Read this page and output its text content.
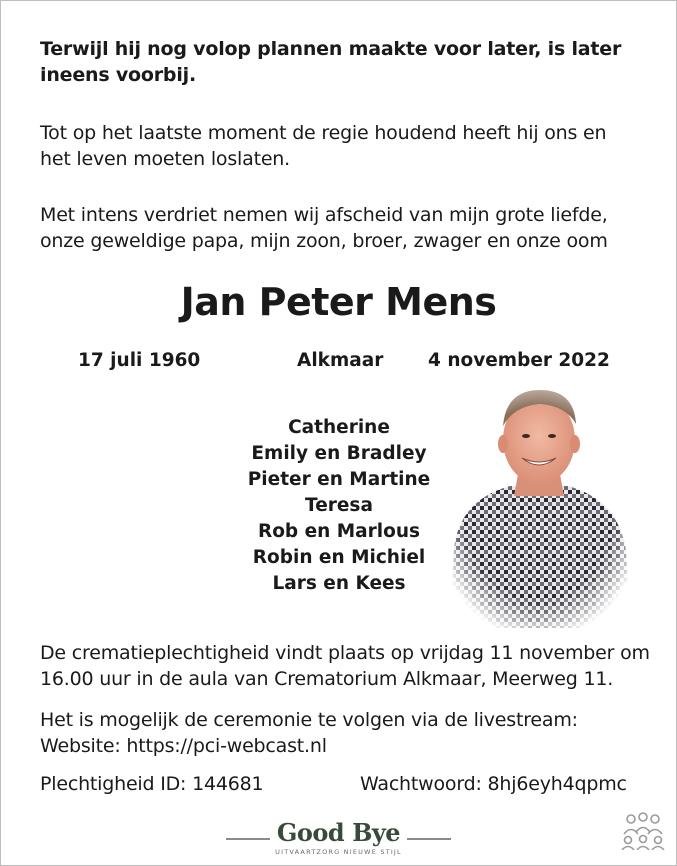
Terwijl hij nog volop plannen maakte voor later, is later
ineens voorbij.
Tot op het laatste moment de regie houdend heeft hij ons en
het leven moeten loslaten.
Met intens verdriet nemen wij afscheid van mijn grote liefde,
onze geweldige papa, mijn zoon, broer, zwager en onze oom
Jan Peter Mens
17 juli 1960	Alkmaar 4 november 2022
Catherine
Emily en Bradley
Pieter en Martine
Teresa
Rob en Marlous
Robin en Michiel
Lars en Kees
De crematieplechtigheid vindt plaats op vrijdag 11 november om
16.00 uur in de aula van Crematorium Alkmaar, Meerweg 11.
Het is mogelijk de ceremonie te volgen via de livestream:
Website: https://pci-webcast.nl
Plechtigheid ID: 144681	Wachtwoord: 8hj6eyh4qpmc
Good Bye
UITVAARTZORG NIEUWE STIJL
